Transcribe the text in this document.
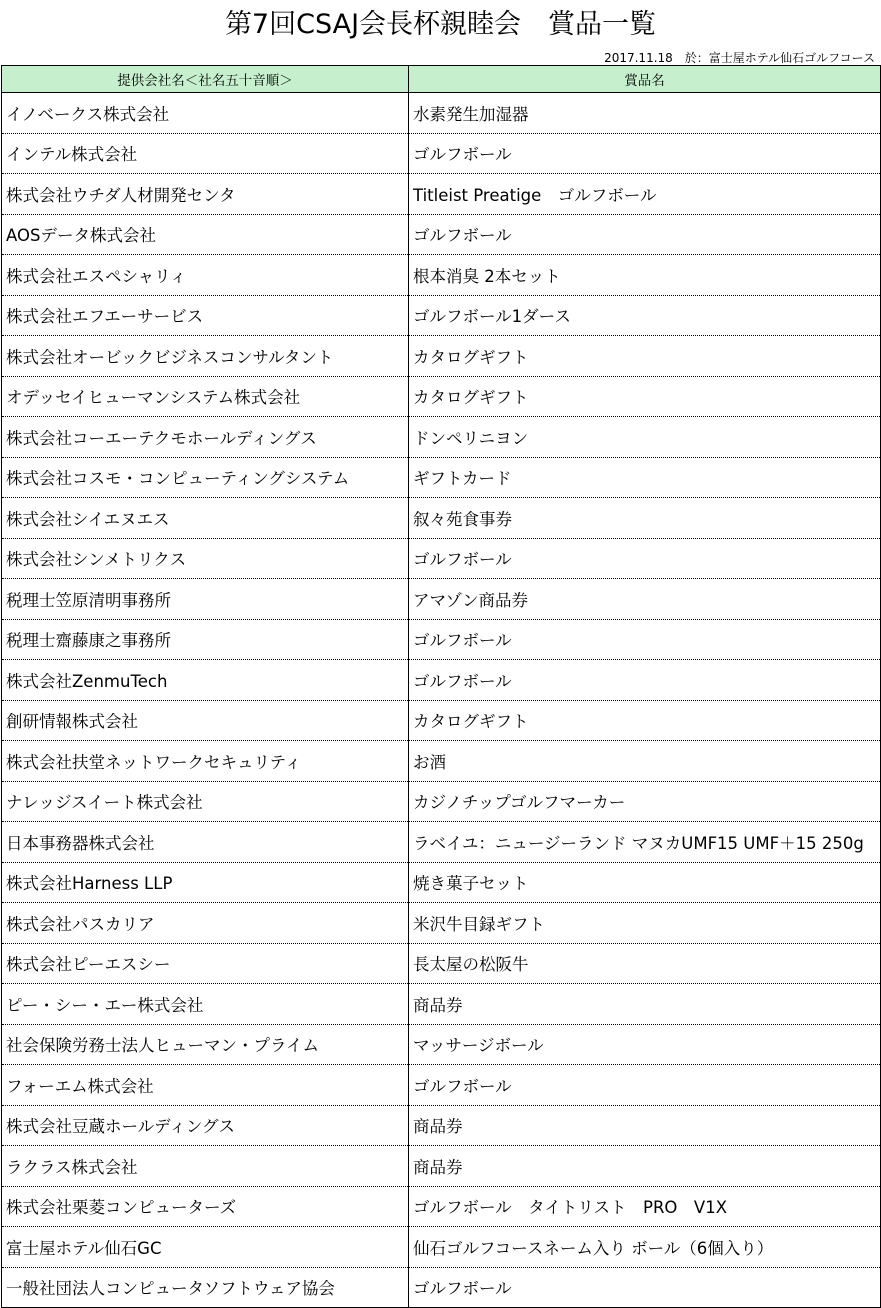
第7回CSAJ会長杯親睦会　賞品一覧
2017.11.18　於：富士屋ホテル仙石ゴルフコース
提供会社名＜社名五十音順＞	賞品名
イノベークス株式会社	水素発生加湿器
インテル株式会社	ゴルフボール
株式会社ウチダ人材開発センタ	Titleist Preatige　ゴルフボール
AOSデータ株式会社	ゴルフボール
株式会社エスペシャリィ	根本消臭 2本セット
株式会社エフエーサービス	ゴルフボール1ダース
株式会社オービックビジネスコンサルタント	カタログギフト
オデッセイヒューマンシステム株式会社	カタログギフト
株式会社コーエーテクモホールディングス	ドンペリニヨン
株式会社コスモ・コンピューティングシステム	ギフトカード
株式会社シイエヌエス	叙々苑食事券
株式会社シンメトリクス	ゴルフボール
税理士笠原清明事務所	アマゾン商品券
税理士齋藤康之事務所	ゴルフボール
株式会社ZenmuTech	ゴルフボール
創研情報株式会社	カタログギフト
株式会社扶堂ネットワークセキュリティ	お酒
ナレッジスイート株式会社	カジノチップゴルフマーカー
日本事務器株式会社	ラベイユ：ニュージーランド マヌカUMF15 UMF＋15 250g
株式会社Harness LLP	焼き菓子セット
株式会社パスカリア	米沢牛目録ギフト
株式会社ピーエスシー	長太屋の松阪牛
ピー・シー・エー株式会社	商品券
社会保険労務士法人ヒューマン・プライム	マッサージボール
フォーエム株式会社	ゴルフボール
株式会社豆蔵ホールディングス	商品券
ラクラス株式会社	商品券
株式会社栗菱コンピューターズ	ゴルフボール　タイトリスト　PRO　V1X
富士屋ホテル仙石GC	仙石ゴルフコースネーム入り ボール（6個入り）
一般社団法人コンピュータソフトウェア協会	ゴルフボール
